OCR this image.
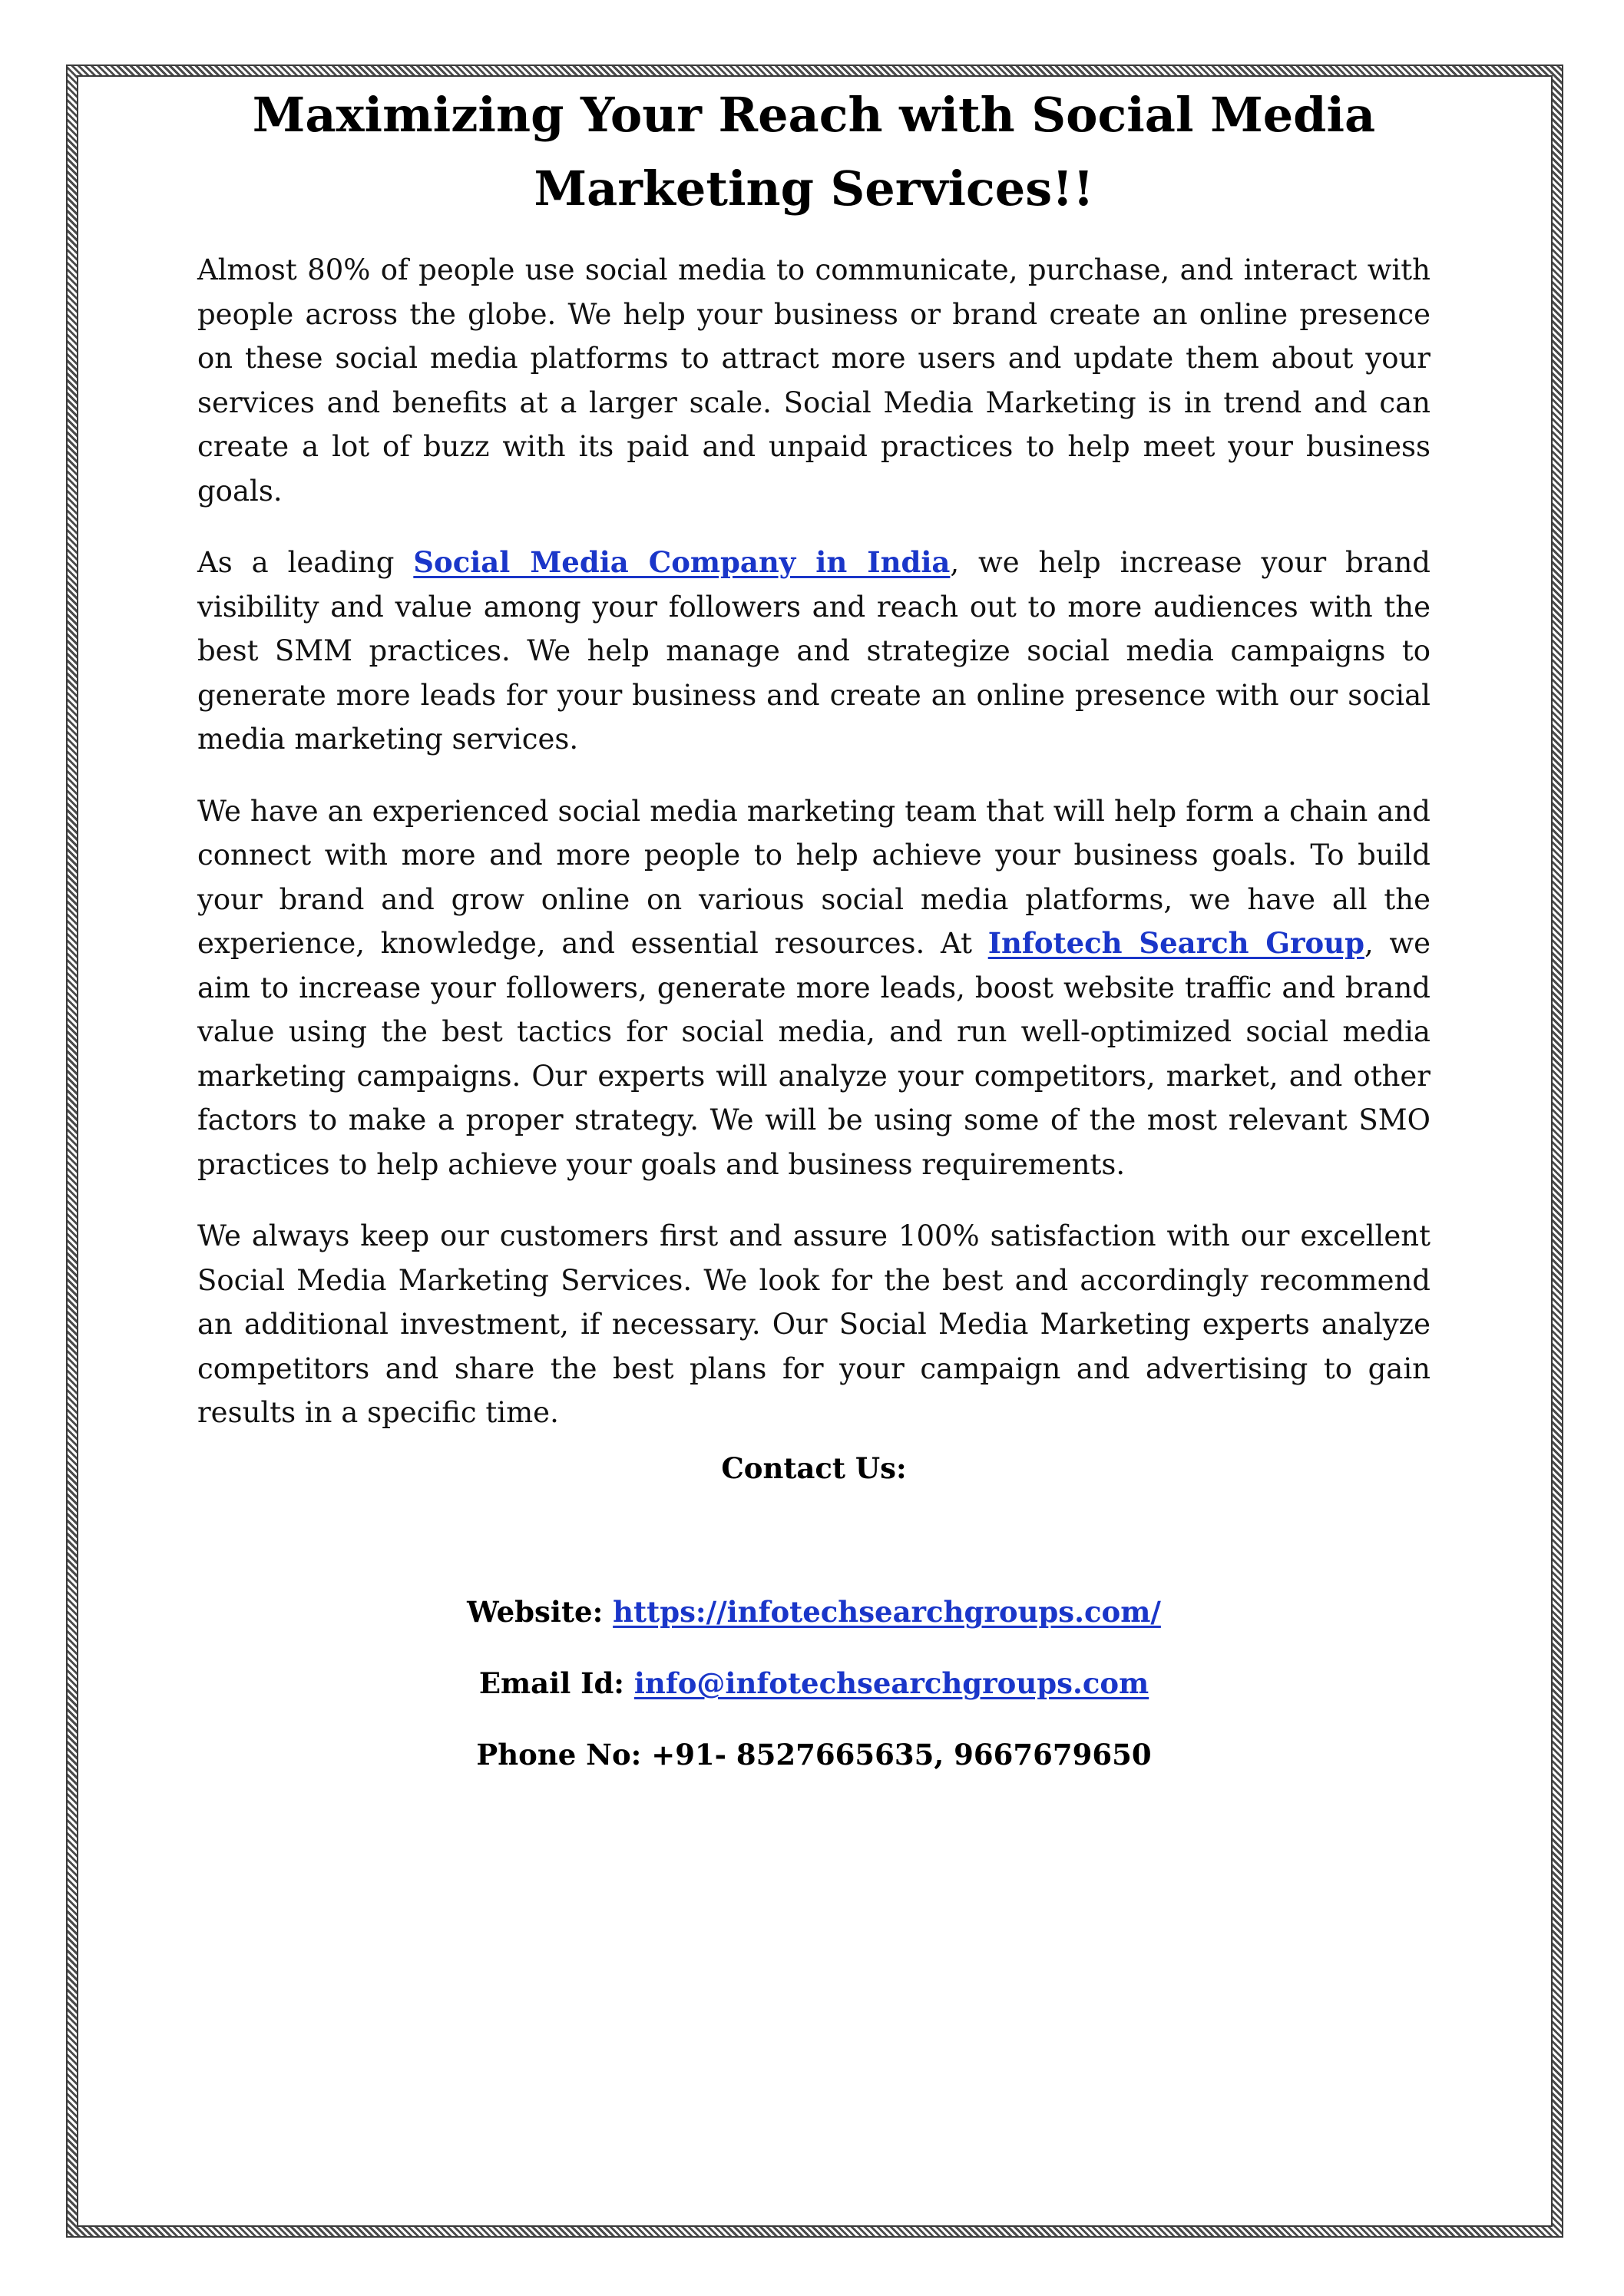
Maximizing Your Reach with Social Media
Marketing Services!!

Almost 80% of people use social media to communicate, purchase, and interact with people across the globe. We help your business or brand create an online presence on these social media platforms to attract more users and update them about your services and benefits at a larger scale. Social Media Marketing is in trend and can create a lot of buzz with its paid and unpaid practices to help meet your business goals.

As a leading Social Media Company in India, we help increase your brand visibility and value among your followers and reach out to more audiences with the best SMM practices. We help manage and strategize social media campaigns to generate more leads for your business and create an online presence with our social media marketing services.

We have an experienced social media marketing team that will help form a chain and connect with more and more people to help achieve your business goals. To build your brand and grow online on various social media platforms, we have all the experience, knowledge, and essential resources. At Infotech Search Group, we aim to increase your followers, generate more leads, boost website traffic and brand value using the best tactics for social media, and run well-optimized social media marketing campaigns. Our experts will analyze your competitors, market, and other factors to make a proper strategy. We will be using some of the most relevant SMO practices to help achieve your goals and business requirements.

We always keep our customers first and assure 100% satisfaction with our excellent Social Media Marketing Services. We look for the best and accordingly recommend an additional investment, if necessary. Our Social Media Marketing experts analyze competitors and share the best plans for your campaign and advertising to gain results in a specific time.

Contact Us:

Website: https://infotechsearchgroups.com/

Email Id: info@infotechsearchgroups.com

Phone No: +91- 8527665635, 9667679650
